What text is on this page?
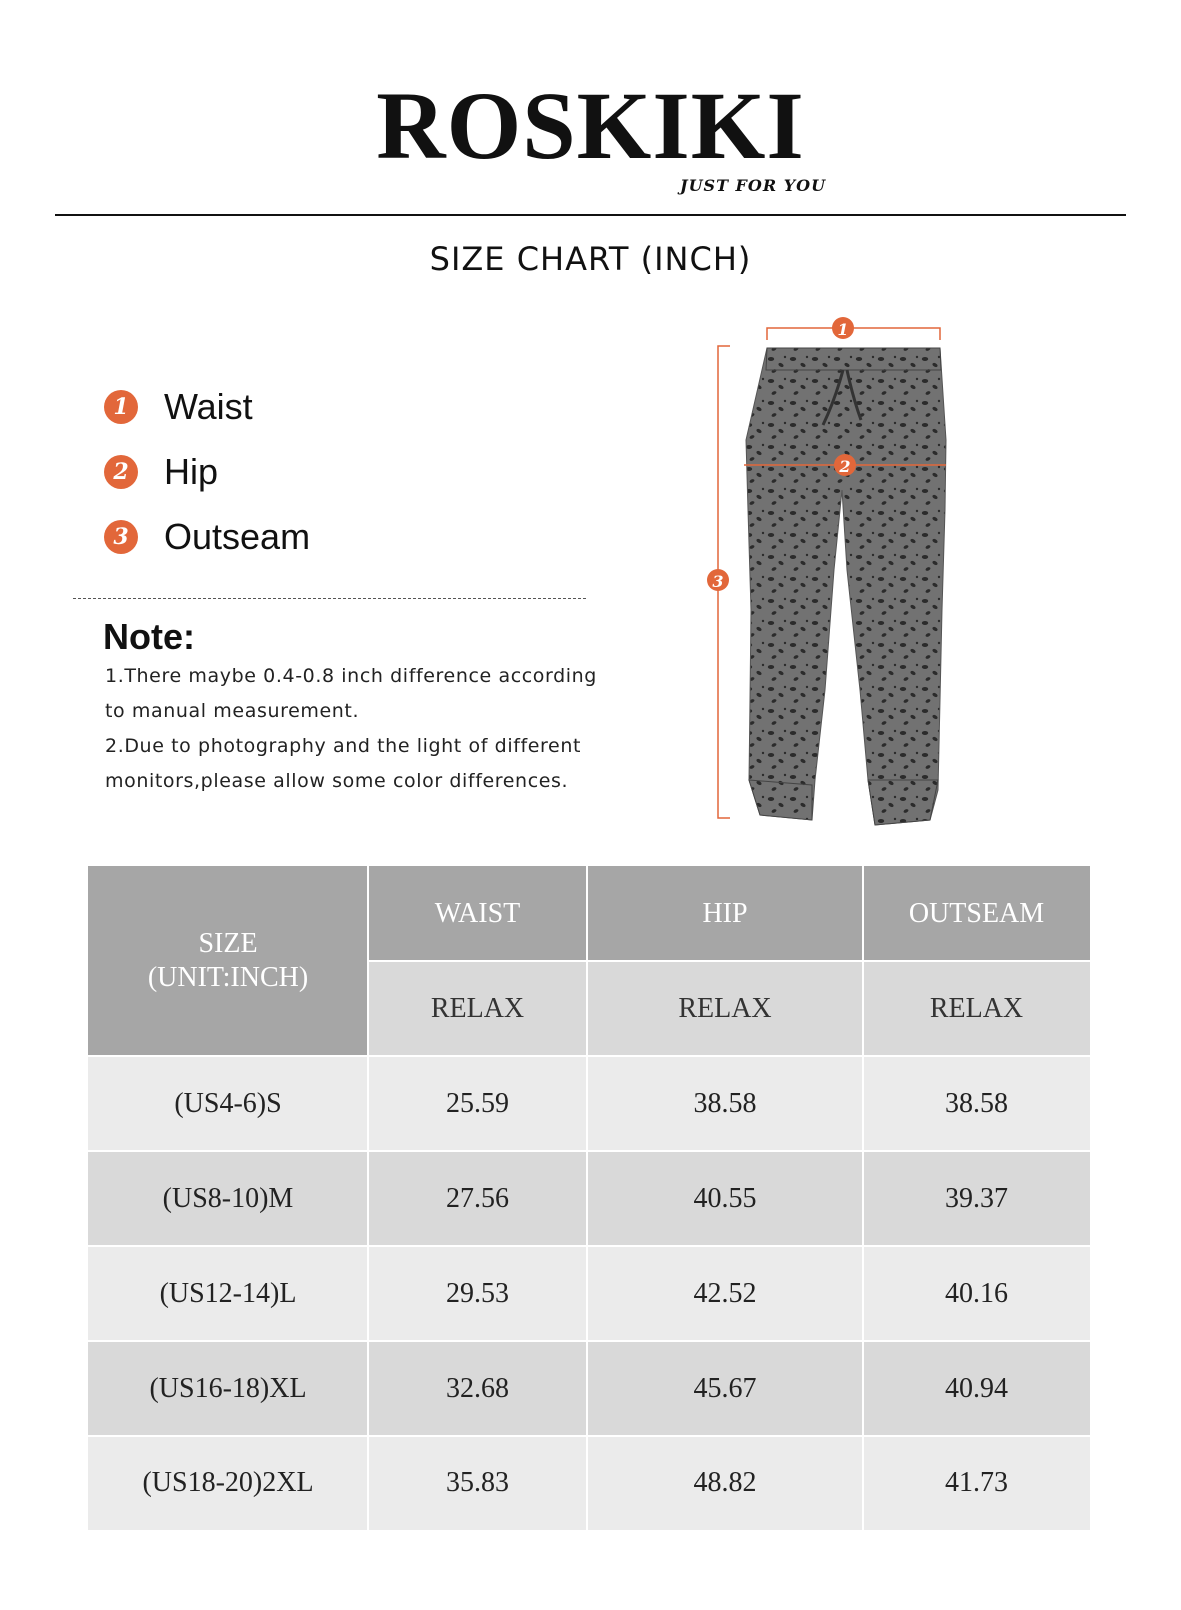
ROSKIKI
JUST FOR YOU
SIZE CHART (INCH)
1 Waist
2 Hip
3 Outseam
Note:
1.There maybe 0.4-0.8 inch difference according
to manual measurement.
2.Due to photography and the light of different
monitors,please allow some color differences.
1
2
3
SIZE
(UNIT:INCH)
WAIST	HIP	OUTSEAM
RELAX	RELAX	RELAX
(US4-6)S	25.59	38.58	38.58
(US8-10)M	27.56	40.55	39.37
(US12-14)L	29.53	42.52	40.16
(US16-18)XL	32.68	45.67	40.94
(US18-20)2XL	35.83	48.82	41.73
